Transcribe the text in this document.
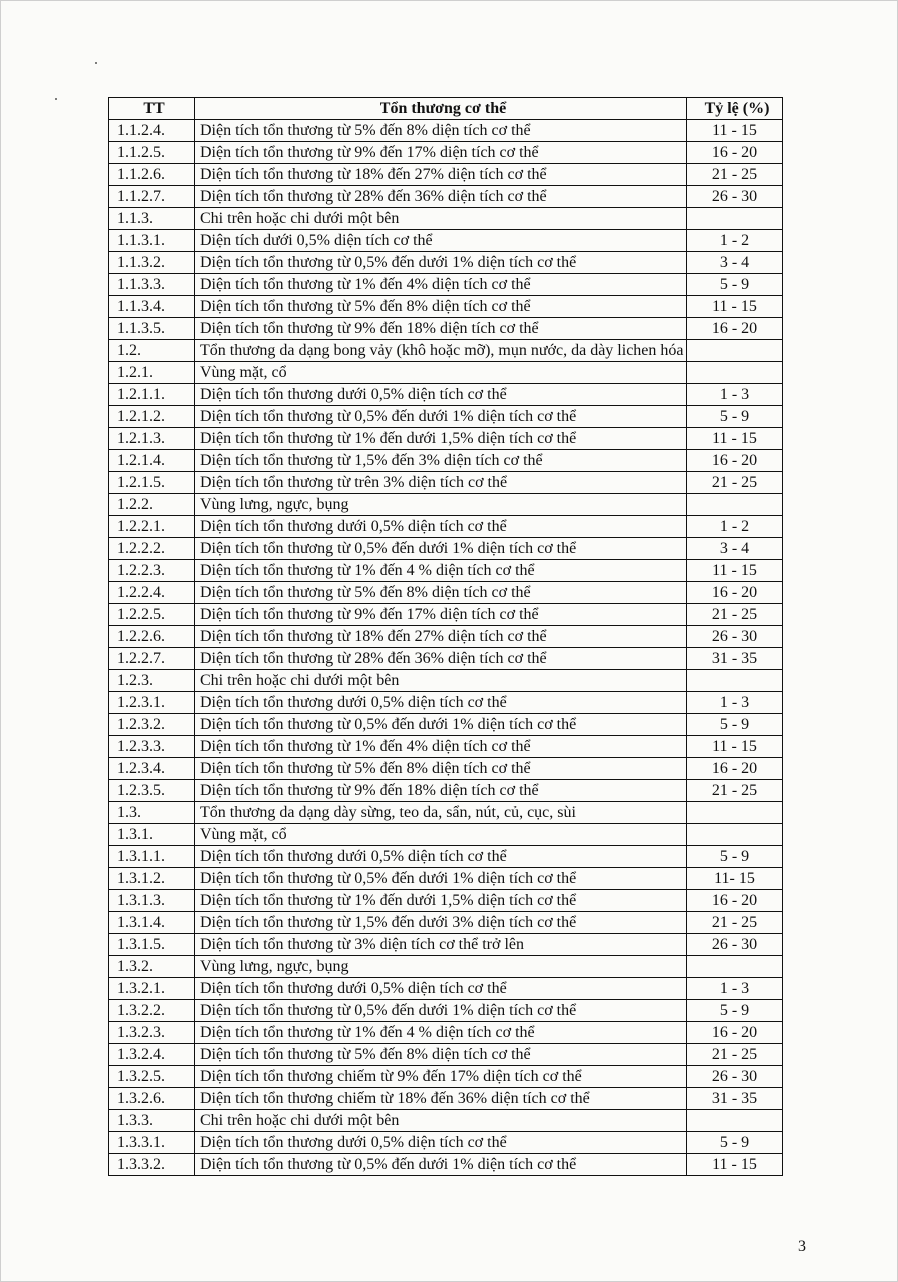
TT	Tổn thương cơ thể	Tỷ lệ (%)
1.1.2.4.	Diện tích tổn thương từ 5% đến 8% diện tích cơ thể	11 - 15
1.1.2.5.	Diện tích tổn thương từ 9% đến 17% diện tích cơ thể	16 - 20
1.1.2.6.	Diện tích tổn thương từ 18% đến 27% diện tích cơ thể	21 - 25
1.1.2.7.	Diện tích tổn thương từ 28% đến 36% diện tích cơ thể	26 - 30
1.1.3.	Chi trên hoặc chi dưới một bên	
1.1.3.1.	Diện tích dưới 0,5% diện tích cơ thể	1 - 2
1.1.3.2.	Diện tích tổn thương từ 0,5% đến dưới 1% diện tích cơ thể	3 - 4
1.1.3.3.	Diện tích tổn thương từ 1% đến 4% diện tích cơ thể	5 - 9
1.1.3.4.	Diện tích tổn thương từ 5% đến 8% diện tích cơ thể	11 - 15
1.1.3.5.	Diện tích tổn thương từ 9% đến 18% diện tích cơ thể	16 - 20
1.2.	Tổn thương da dạng bong vảy (khô hoặc mỡ), mụn nước, da dày lichen hóa	
1.2.1.	Vùng mặt, cổ	
1.2.1.1.	Diện tích tổn thương dưới 0,5% diện tích cơ thể	1 - 3
1.2.1.2.	Diện tích tổn thương từ 0,5% đến dưới 1% diện tích cơ thể	5 - 9
1.2.1.3.	Diện tích tổn thương từ 1% đến dưới 1,5% diện tích cơ thể	11 - 15
1.2.1.4.	Diện tích tổn thương từ 1,5% đến 3% diện tích cơ thể	16 - 20
1.2.1.5.	Diện tích tổn thương từ trên 3% diện tích cơ thể	21 - 25
1.2.2.	Vùng lưng, ngực, bụng	
1.2.2.1.	Diện tích tổn thương dưới 0,5% diện tích cơ thể	1 - 2
1.2.2.2.	Diện tích tổn thương từ 0,5% đến dưới 1% diện tích cơ thể	3 - 4
1.2.2.3.	Diện tích tổn thương từ 1% đến 4 % diện tích cơ thể	11 - 15
1.2.2.4.	Diện tích tổn thương từ 5% đến 8% diện tích cơ thể	16 - 20
1.2.2.5.	Diện tích tổn thương từ 9% đến 17% diện tích cơ thể	21 - 25
1.2.2.6.	Diện tích tổn thương từ 18% đến 27% diện tích cơ thể	26 - 30
1.2.2.7.	Diện tích tổn thương từ 28% đến 36% diện tích cơ thể	31 - 35
1.2.3.	Chi trên hoặc chi dưới một bên	
1.2.3.1.	Diện tích tổn thương dưới 0,5% diện tích cơ thể	1 - 3
1.2.3.2.	Diện tích tổn thương từ 0,5% đến dưới 1% diện tích cơ thể	5 - 9
1.2.3.3.	Diện tích tổn thương từ 1% đến 4% diện tích cơ thể	11 - 15
1.2.3.4.	Diện tích tổn thương từ 5% đến 8% diện tích cơ thể	16 - 20
1.2.3.5.	Diện tích tổn thương từ 9% đến 18% diện tích cơ thể	21 - 25
1.3.	Tổn thương da dạng dày sừng, teo da, sẩn, nút, củ, cục, sùi	
1.3.1.	Vùng mặt, cổ	
1.3.1.1.	Diện tích tổn thương dưới 0,5% diện tích cơ thể	5 - 9
1.3.1.2.	Diện tích tổn thương từ 0,5% đến dưới 1% diện tích cơ thể	11- 15
1.3.1.3.	Diện tích tổn thương từ 1% đến dưới 1,5% diện tích cơ thể	16 - 20
1.3.1.4.	Diện tích tổn thương từ 1,5% đến dưới 3% diện tích cơ thể	21 - 25
1.3.1.5.	Diện tích tổn thương từ 3% diện tích cơ thể trở lên	26 - 30
1.3.2.	Vùng lưng, ngực, bụng	
1.3.2.1.	Diện tích tổn thương dưới 0,5% diện tích cơ thể	1 - 3
1.3.2.2.	Diện tích tổn thương từ 0,5% đến dưới 1% diện tích cơ thể	5 - 9
1.3.2.3.	Diện tích tổn thương từ 1% đến 4 % diện tích cơ thể	16 - 20
1.3.2.4.	Diện tích tổn thương từ 5% đến 8% diện tích cơ thể	21 - 25
1.3.2.5.	Diện tích tổn thương chiếm từ 9% đến 17% diện tích cơ thể	26 - 30
1.3.2.6.	Diện tích tổn thương chiếm từ 18% đến 36% diện tích cơ thể	31 - 35
1.3.3.	Chi trên hoặc chi dưới một bên	
1.3.3.1.	Diện tích tổn thương dưới 0,5% diện tích cơ thể	5 - 9
1.3.3.2.	Diện tích tổn thương từ 0,5% đến dưới 1% diện tích cơ thể	11 - 15
3
